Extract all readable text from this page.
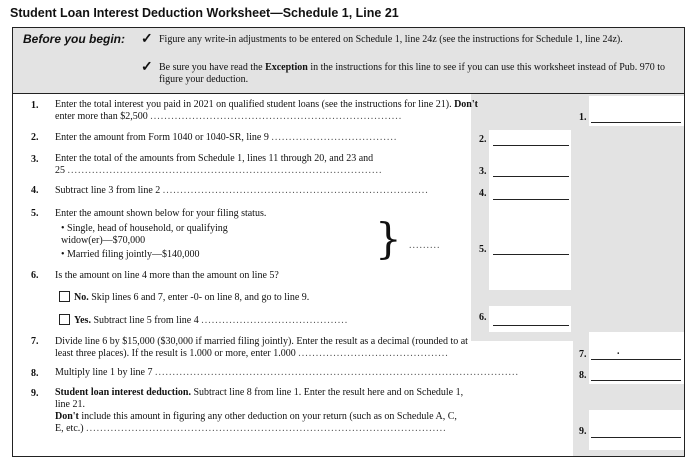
Student Loan Interest Deduction Worksheet—Schedule 1, Line 21
Before you begin: ✓ Figure any write-in adjustments to be entered on Schedule 1, line 24z (see the instructions for Schedule 1, line 24z).
✓ Be sure you have read the Exception in the instructions for this line to see if you can use this worksheet instead of Pub. 970 to figure your deduction.
1. Enter the total interest you paid in 2021 on qualified student loans (see the instructions for line 21). Don't
enter more than $2,500 ........................................................................	1.
2. Enter the amount from Form 1040 or 1040-SR, line 9 ....................................	2.
3. Enter the total of the amounts from Schedule 1, lines 11 through 20, and 23 and
25 ..........................................................................................	3.
4. Subtract line 3 from line 2 ............................................................................	4.
5. Enter the amount shown below for your filing status.
• Single, head of household, or qualifying
widow(er)—$70,000
• Married filing jointly—$140,000	} .........	5.
6. Is the amount on line 4 more than the amount on line 5?
No. Skip lines 6 and 7, enter -0- on line 8, and go to line 9.
Yes. Subtract line 5 from line 4 ..........................................	6.
7. Divide line 6 by $15,000 ($30,000 if married filing jointly). Enter the result as a decimal (rounded to at
least three places). If the result is 1.000 or more, enter 1.000 ...........................................	7.	.
8. Multiply line 1 by line 7 ........................................................................................................	8.
9. Student loan interest deduction. Subtract line 8 from line 1. Enter the result here and on Schedule 1,
line 21.
Don't include this amount in figuring any other deduction on your return (such as on Schedule A, C,
E, etc.) .......................................................................................................	9.
